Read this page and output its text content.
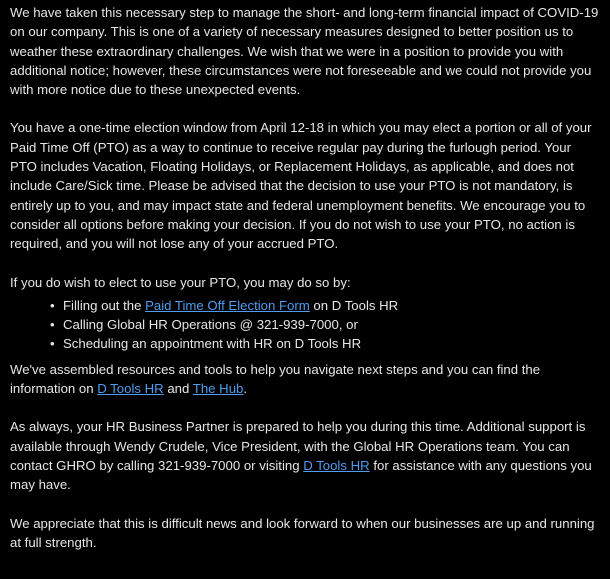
We have taken this necessary step to manage the short- and long-term financial impact of COVID-19 on our company. This is one of a variety of necessary measures designed to better position us to weather these extraordinary challenges. We wish that we were in a position to provide you with additional notice; however, these circumstances were not foreseeable and we could not provide you with more notice due to these unexpected events.

You have a one-time election window from April 12-18 in which you may elect a portion or all of your Paid Time Off (PTO) as a way to continue to receive regular pay during the furlough period. Your PTO includes Vacation, Floating Holidays, or Replacement Holidays, as applicable, and does not include Care/Sick time. Please be advised that the decision to use your PTO is not mandatory, is entirely up to you, and may impact state and federal unemployment benefits. We encourage you to consider all options before making your decision. If you do not wish to use your PTO, no action is required, and you will not lose any of your accrued PTO.

If you do wish to elect to use your PTO, you may do so by:

• Filling out the Paid Time Off Election Form on D Tools HR
• Calling Global HR Operations @ 321-939-7000, or
• Scheduling an appointment with HR on D Tools HR

We've assembled resources and tools to help you navigate next steps and you can find the information on D Tools HR and The Hub.

As always, your HR Business Partner is prepared to help you during this time. Additional support is available through Wendy Crudele, Vice President, with the Global HR Operations team. You can contact GHRO by calling 321-939-7000 or visiting D Tools HR for assistance with any questions you may have.

We appreciate that this is difficult news and look forward to when our businesses are up and running at full strength.
